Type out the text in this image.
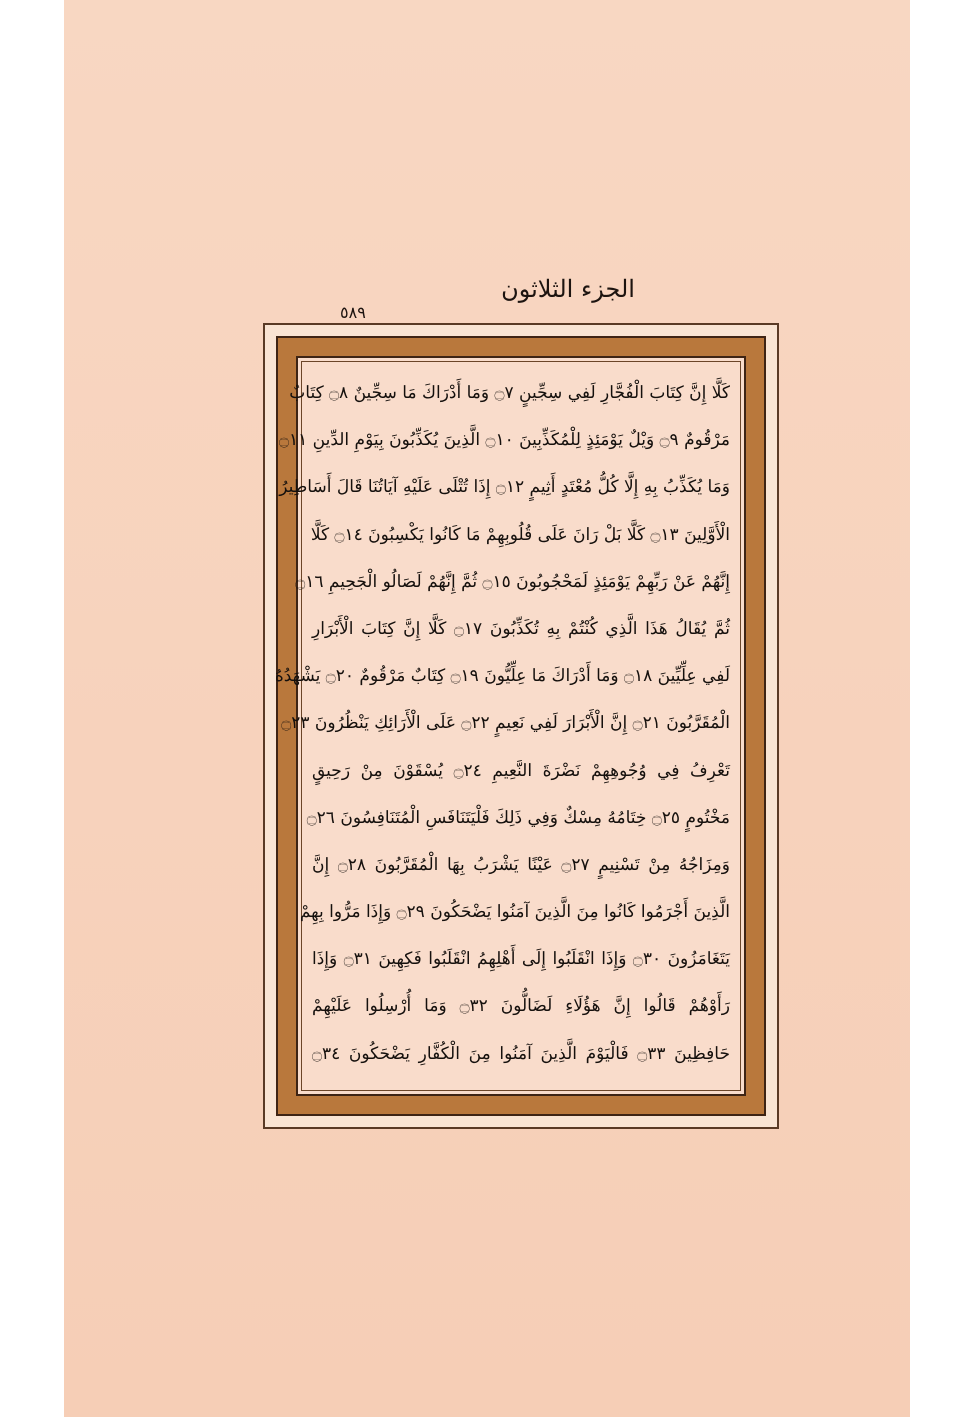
الجزء الثلاثون
٥٨٩
كَلَّا إِنَّ كِتَابَ الْفُجَّارِ لَفِي سِجِّينٍ ۝٧ وَمَا أَدْرَاكَ مَا سِجِّينٌ ۝٨ كِتَابٌ
مَرْقُومٌ ۝٩ وَيْلٌ يَوْمَئِذٍ لِلْمُكَذِّبِينَ ۝١٠ الَّذِينَ يُكَذِّبُونَ بِيَوْمِ الدِّينِ ۝١١
وَمَا يُكَذِّبُ بِهِ إِلَّا كُلُّ مُعْتَدٍ أَثِيمٍ ۝١٢ إِذَا تُتْلَى عَلَيْهِ آيَاتُنَا قَالَ أَسَاطِيرُ
الْأَوَّلِينَ ۝١٣ كَلَّا بَلْ رَانَ عَلَى قُلُوبِهِمْ مَا كَانُوا يَكْسِبُونَ ۝١٤ كَلَّا
إِنَّهُمْ عَنْ رَبِّهِمْ يَوْمَئِذٍ لَمَحْجُوبُونَ ۝١٥ ثُمَّ إِنَّهُمْ لَصَالُو الْجَحِيمِ ۝١٦
ثُمَّ يُقَالُ هَذَا الَّذِي كُنْتُمْ بِهِ تُكَذِّبُونَ ۝١٧ كَلَّا إِنَّ كِتَابَ الْأَبْرَارِ
لَفِي عِلِّيِّينَ ۝١٨ وَمَا أَدْرَاكَ مَا عِلِّيُّونَ ۝١٩ كِتَابٌ مَرْقُومٌ ۝٢٠ يَشْهَدُهُ
الْمُقَرَّبُونَ ۝٢١ إِنَّ الْأَبْرَارَ لَفِي نَعِيمٍ ۝٢٢ عَلَى الْأَرَائِكِ يَنْظُرُونَ ۝٢٣
تَعْرِفُ فِي وُجُوهِهِمْ نَضْرَةَ النَّعِيمِ ۝٢٤ يُسْقَوْنَ مِنْ رَحِيقٍ
مَخْتُومٍ ۝٢٥ خِتَامُهُ مِسْكٌ وَفِي ذَلِكَ فَلْيَتَنَافَسِ الْمُتَنَافِسُونَ ۝٢٦
وَمِزَاجُهُ مِنْ تَسْنِيمٍ ۝٢٧ عَيْنًا يَشْرَبُ بِهَا الْمُقَرَّبُونَ ۝٢٨ إِنَّ
الَّذِينَ أَجْرَمُوا كَانُوا مِنَ الَّذِينَ آمَنُوا يَضْحَكُونَ ۝٢٩ وَإِذَا مَرُّوا بِهِمْ
يَتَغَامَزُونَ ۝٣٠ وَإِذَا انْقَلَبُوا إِلَى أَهْلِهِمُ انْقَلَبُوا فَكِهِينَ ۝٣١ وَإِذَا
رَأَوْهُمْ قَالُوا إِنَّ هَؤُلَاءِ لَضَالُّونَ ۝٣٢ وَمَا أُرْسِلُوا عَلَيْهِمْ
حَافِظِينَ ۝٣٣ فَالْيَوْمَ الَّذِينَ آمَنُوا مِنَ الْكُفَّارِ يَضْحَكُونَ ۝٣٤
